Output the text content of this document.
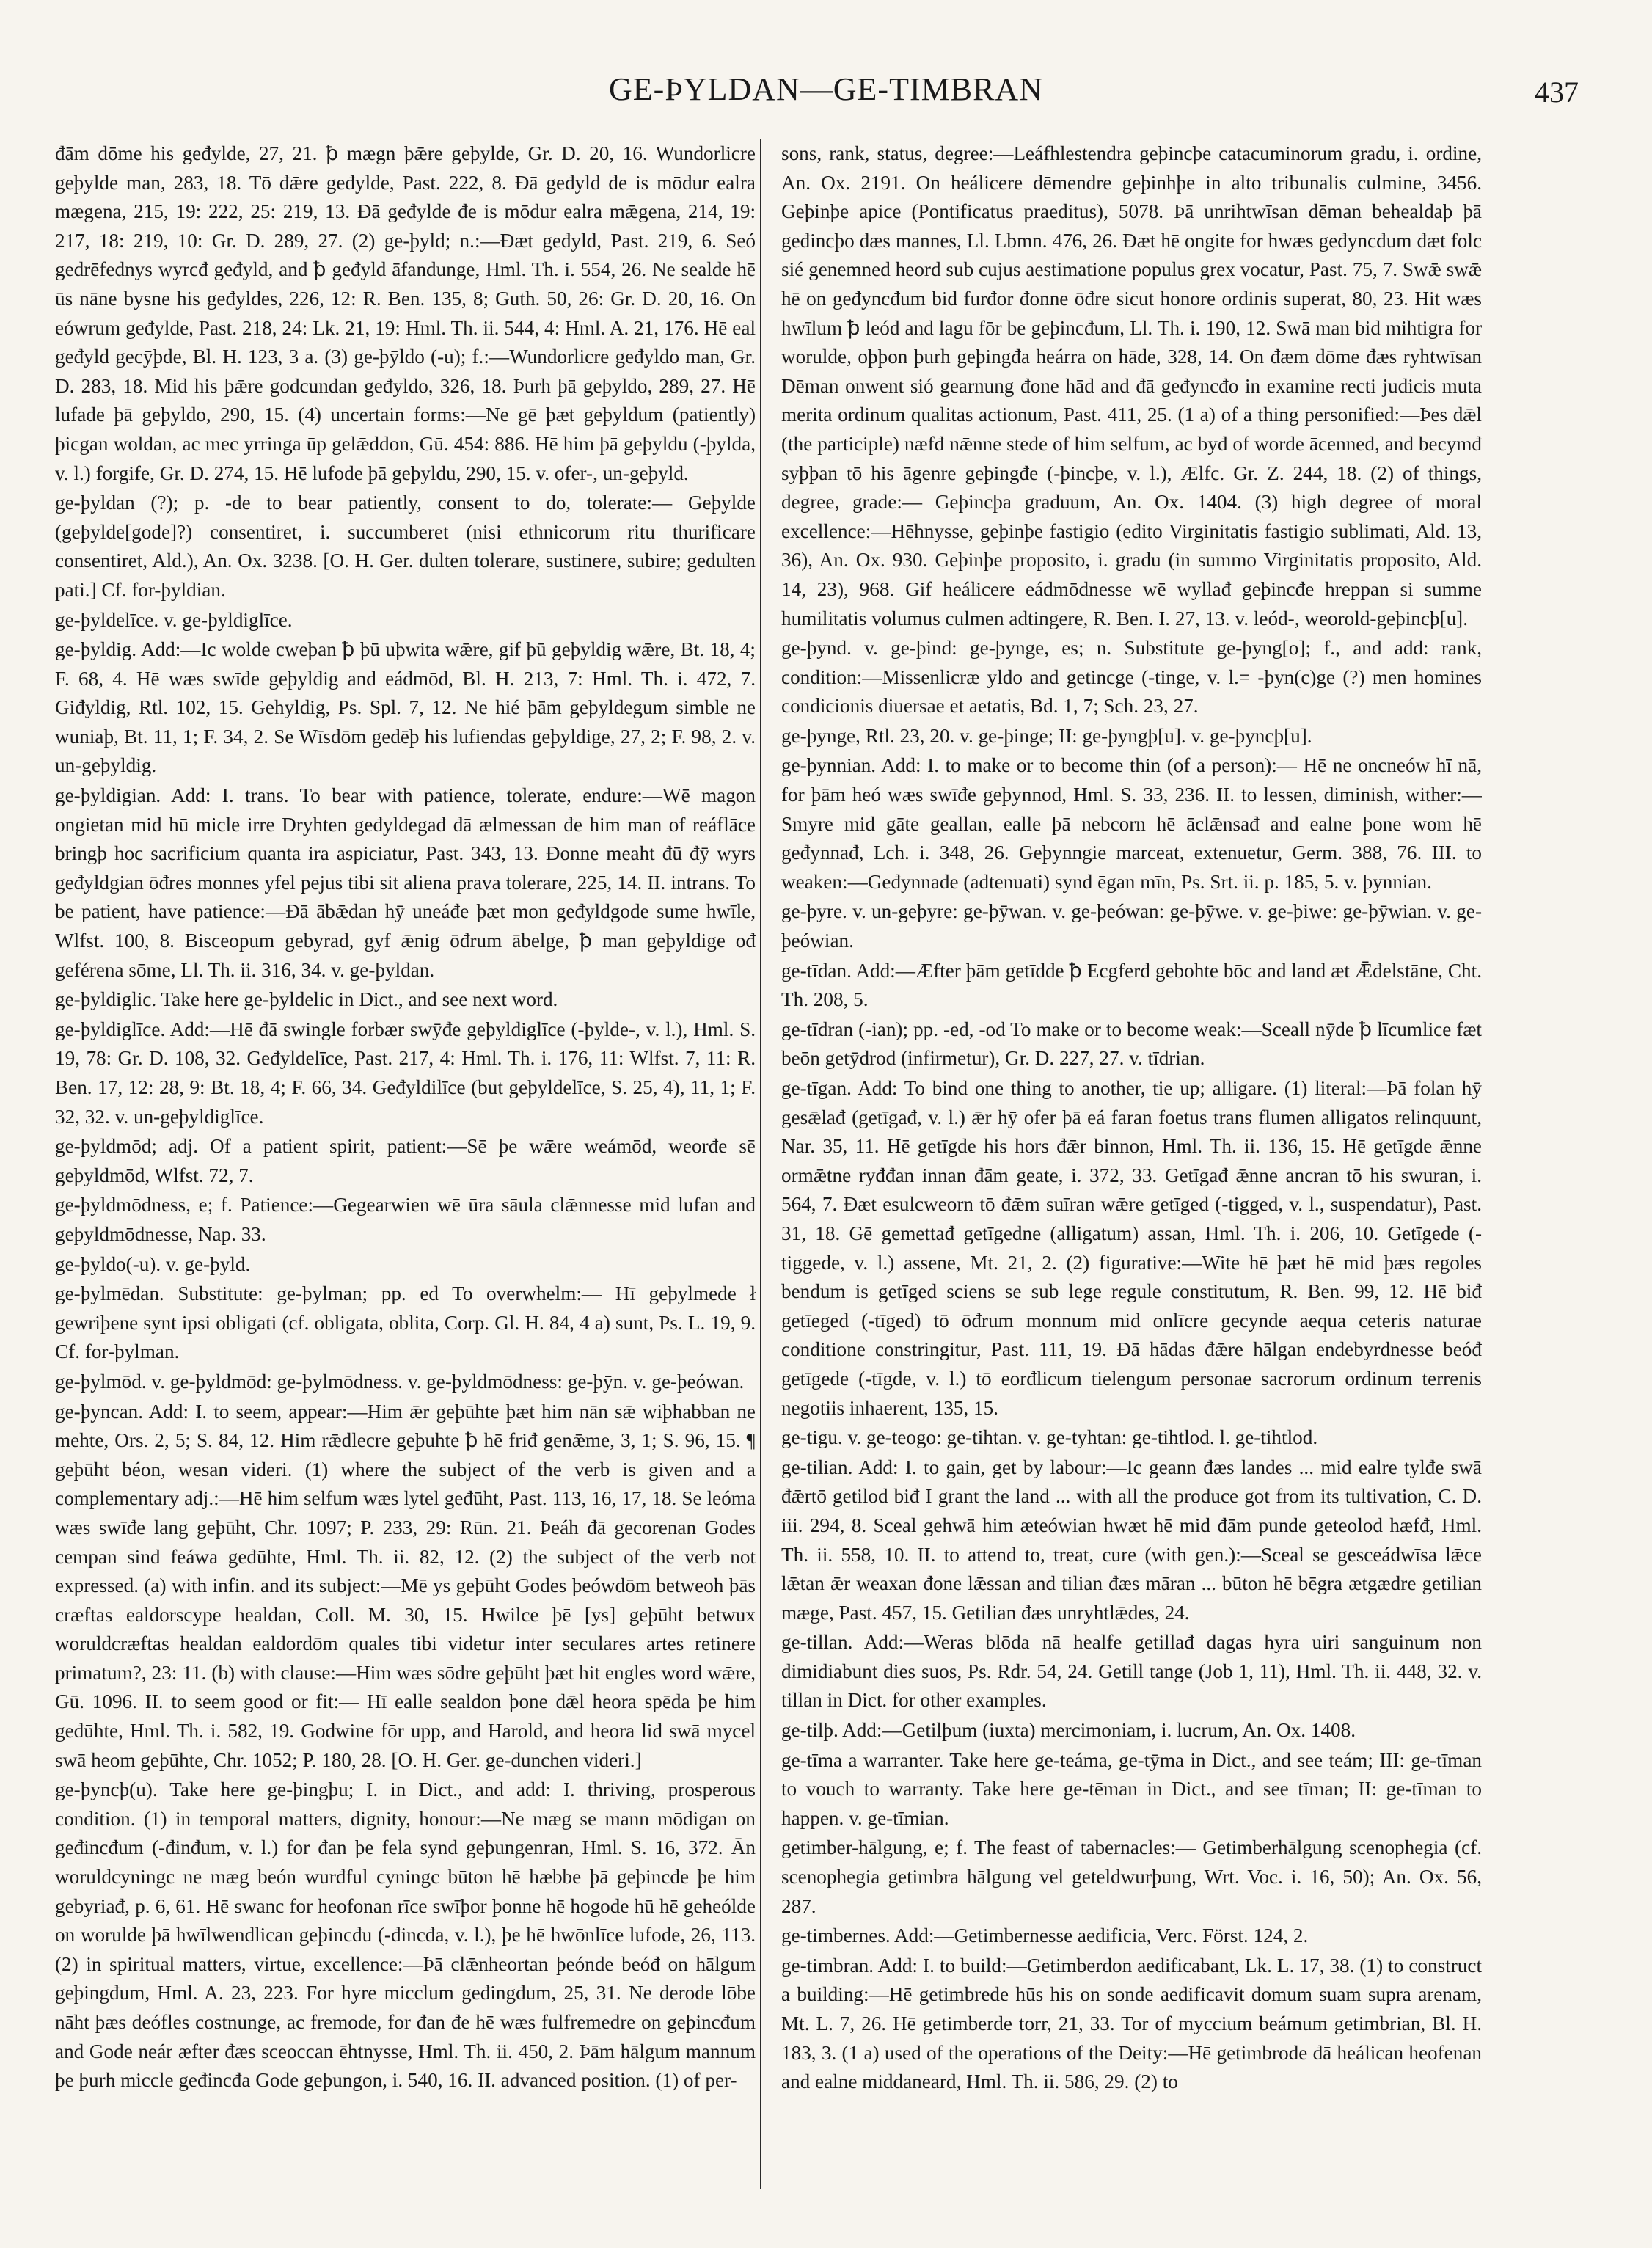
GE-ÞYLDAN—GE-TIMBRAN	437

đām dōme his geđylde, 27, 21. ꝥ mægn þǣre geþylde, Gr. D. 20, 16. Wundorlicre geþylde man, 283, 18. Tō đǣre geđylde, Past. 222, 8. Đā geđyld đe is mōdur ealra mægena, 215, 19: 222, 25: 219, 13. Đā geđylde đe is mōdur ealra mǣgena, 214, 19: 217, 18: 219, 10: Gr. D. 289, 27. (2) ge-þyld; n.:—Đæt geđyld, Past. 219, 6. Seó gedrēfednys wyrcđ geđyld, and ꝥ geđyld āfandunge, Hml. Th. i. 554, 26. Ne sealde hē ūs nāne bysne his geđyldes, 226, 12: R. Ben. 135, 8; Guth. 50, 26: Gr. D. 20, 16. On eówrum geđylde, Past. 218, 24: Lk. 21, 19: Hml. Th. ii. 544, 4: Hml. A. 21, 176. Hē eal geđyld gecȳþde, Bl. H. 123, 3 a. (3) ge-þȳldo (-u); f.:—Wundorlicre geđyldo man, Gr. D. 283, 18. Mid his þǣre godcundan geđyldo, 326, 18. Þurh þā geþyldo, 289, 27. Hē lufade þā geþyldo, 290, 15. (4) uncertain forms:—Ne gē þæt geþyldum (patiently) þicgan woldan, ac mec yrringa ūp gelǣddon, Gū. 454: 886. Hē him þā geþyldu (-þylda, v. l.) forgife, Gr. D. 274, 15. Hē lufode þā geþyldu, 290, 15. v. ofer-, un-geþyld.

ge-þyldan (?); p. -de to bear patiently, consent to do, tolerate:— Geþylde (geþylde[gode]?) consentiret, i. succumberet (nisi ethnicorum ritu thurificare consentiret, Ald.), An. Ox. 3238. [O. H. Ger. dulten tolerare, sustinere, subire; gedulten pati.] Cf. for-þyldian.

ge-þyldelīce. v. ge-þyldiglīce.

ge-þyldig. Add:—Ic wolde cweþan ꝥ þū uþwita wǣre, gif þū geþyldig wǣre, Bt. 18, 4; F. 68, 4. Hē wæs swīđe geþyldig and eáđmōd, Bl. H. 213, 7: Hml. Th. i. 472, 7. Giđyldig, Rtl. 102, 15. Gehyldig, Ps. Spl. 7, 12. Ne hié þām geþyldegum simble ne wuniaþ, Bt. 11, 1; F. 34, 2. Se Wīsdōm gedēþ his lufiendas geþyldige, 27, 2; F. 98, 2. v. un-geþyldig.

ge-þyldigian. Add: I. trans. To bear with patience, tolerate, endure:—Wē magon ongietan mid hū micle irre Dryhten geđyldegađ đā ælmessan đe him man of reáflāce bringþ hoc sacrificium quanta ira aspiciatur, Past. 343, 13. Đonne meaht đū đȳ wyrs geđyldgian ōđres monnes yfel pejus tibi sit aliena prava tolerare, 225, 14. II. intrans. To be patient, have patience:—Đā ābǣdan hȳ uneáđe þæt mon geđyldgode sume hwīle, Wlfst. 100, 8. Bisceopum gebyrad, gyf ǣnig ōđrum ābelge, ꝥ man geþyldige ođ geférena sōme, Ll. Th. ii. 316, 34. v. ge-þyldan.

ge-þyldiglic. Take here ge-þyldelic in Dict., and see next word.

ge-þyldiglīce. Add:—Hē đā swingle forbær swȳđe geþyldiglīce (-þylde-, v. l.), Hml. S. 19, 78: Gr. D. 108, 32. Geđyldelīce, Past. 217, 4: Hml. Th. i. 176, 11: Wlfst. 7, 11: R. Ben. 17, 12: 28, 9: Bt. 18, 4; F. 66, 34. Geđyldilīce (but geþyldelīce, S. 25, 4), 11, 1; F. 32, 32. v. un-geþyldiglīce.

ge-þyldmōd; adj. Of a patient spirit, patient:—Sē þe wǣre weámōd, weorđe sē geþyldmōd, Wlfst. 72, 7.

ge-þyldmōdness, e; f. Patience:—Gegearwien wē ūra sāula clǣnnesse mid lufan and geþyldmōdnesse, Nap. 33.

ge-þyldo(-u). v. ge-þyld.

ge-þylmēdan. Substitute: ge-þylman; pp. ed To overwhelm:— Hī geþylmede ł gewriþene synt ipsi obligati (cf. obligata, oblita, Corp. Gl. H. 84, 4 a) sunt, Ps. L. 19, 9. Cf. for-þylman.

ge-þylmōd. v. ge-þyldmōd: ge-þylmōdness. v. ge-þyldmōdness: ge-þȳn. v. ge-þeówan.

ge-þyncan. Add: I. to seem, appear:—Him ǣr geþūhte þæt him nān sǣ wiþhabban ne mehte, Ors. 2, 5; S. 84, 12. Him rǣdlecre geþuhte ꝥ hē friđ genǣme, 3, 1; S. 96, 15. ¶ geþūht béon, wesan videri. (1) where the subject of the verb is given and a complementary adj.:—Hē him selfum wæs lytel geđūht, Past. 113, 16, 17, 18. Se leóma wæs swīđe lang geþūht, Chr. 1097; P. 233, 29: Rūn. 21. Þeáh đā gecorenan Godes cempan sind feáwa geđūhte, Hml. Th. ii. 82, 12. (2) the subject of the verb not expressed. (a) with infin. and its subject:—Mē ys geþūht Godes þeówdōm betweoh þās cræftas ealdorscype healdan, Coll. M. 30, 15. Hwilce þē [ys] geþūht betwux woruldcræftas healdan ealdordōm quales tibi videtur inter seculares artes retinere primatum?, 23: 11. (b) with clause:—Him wæs sōdre geþūht þæt hit engles word wǣre, Gū. 1096. II. to seem good or fit:— Hī ealle sealdon þone dǣl heora spēda þe him geđūhte, Hml. Th. i. 582, 19. Godwine fōr upp, and Harold, and heora liđ swā mycel swā heom geþūhte, Chr. 1052; P. 180, 28. [O. H. Ger. ge-dunchen videri.]

ge-þyncþ(u). Take here ge-þingþu; I. in Dict., and add: I. thriving, prosperous condition. (1) in temporal matters, dignity, honour:—Ne mæg se mann mōdigan on geđincđum (-đinđum, v. l.) for đan þe fela synd geþungenran, Hml. S. 16, 372. Ān woruldcyningc ne mæg beón wurđful cyningc būton hē hæbbe þā geþincđe þe him gebyriađ, p. 6, 61. Hē swanc for heofonan rīce swīþor þonne hē hogode hū hē geheólde on worulde þā hwīlwendlican geþincđu (-đincđa, v. l.), þe hē hwōnlīce lufode, 26, 113. (2) in spiritual matters, virtue, excellence:—Þā clǣnheortan þeónde beóđ on hālgum geþingđum, Hml. A. 23, 223. For hyre micclum geđingđum, 25, 31. Ne derode lōbe nāht þæs deófles costnunge, ac fremode, for đan đe hē wæs fulfremedre on geþincđum and Gode neár æfter đæs sceoccan ēhtnysse, Hml. Th. ii. 450, 2. Þām hālgum mannum þe þurh miccle geđincđa Gode geþungon, i. 540, 16. II. advanced position. (1) of per-

sons, rank, status, degree:—Leáfhlestendra geþincþe catacuminorum gradu, i. ordine, An. Ox. 2191. On heálicere dēmendre geþinhþe in alto tribunalis culmine, 3456. Geþinþe apice (Pontificatus praeditus), 5078. Þā unrihtwīsan dēman behealdaþ þā geđincþo đæs mannes, Ll. Lbmn. 476, 26. Đæt hē ongite for hwæs geđyncđum đæt folc sié genemned heord sub cujus aestimatione populus grex vocatur, Past. 75, 7. Swǣ swǣ hē on geđyncđum bid furđor đonne ōđre sicut honore ordinis superat, 80, 23. Hit wæs hwīlum ꝥ leód and lagu fōr be geþincđum, Ll. Th. i. 190, 12. Swā man bid mihtigra for woruldе, oþþon þurh geþingđa heárra on hāde, 328, 14. On đæm dōme đæs ryhtwīsan Dēman onwent sió gearnung đone hād and đā geđyncđo in examine recti judicis muta merita ordinum qualitas actionum, Past. 411, 25. (1 a) of a thing personified:—Þes dǣl (the participle) næfđ nǣnne stede of him selfum, ac byđ of worde ācenned, and becymđ syþþan tō his āgenre geþingđe (-þincþe, v. l.), Ælfc. Gr. Z. 244, 18. (2) of things, degree, grade:— Geþincþa graduum, An. Ox. 1404. (3) high degree of moral excellence:—Hēhnysse, geþinþe fastigio (edito Virginitatis fastigio sublimati, Ald. 13, 36), An. Ox. 930. Geþinþe proposito, i. gradu (in summo Virginitatis proposito, Ald. 14, 23), 968. Gif heálicere eádmōdnesse wē wyllađ geþincđe hreppan si summe humilitatis volumus culmen adtingere, R. Ben. I. 27, 13. v. leód-, weorold-geþincþ[u].

ge-þynd. v. ge-þind: ge-þynge, es; n. Substitute ge-þyng[o]; f., and add: rank, condition:—Missenlicræ yldo and getincge (-tinge, v. l.= -þyn(c)ge (?) men homines condicionis diuersae et aetatis, Bd. 1, 7; Sch. 23, 27.

ge-þynge, Rtl. 23, 20. v. ge-þinge; II: ge-þyngþ[u]. v. ge-þyncþ[u].

ge-þynnian. Add: I. to make or to become thin (of a person):— Hē ne oncneów hī nā, for þām heó wæs swīđe geþynnod, Hml. S. 33, 236. II. to lessen, diminish, wither:—Smyre mid gāte geallan, ealle þā nebcorn hē āclǣnsađ and ealne þone wom hē geđynnađ, Lch. i. 348, 26. Geþynngie marceat, extenuetur, Germ. 388, 76. III. to weaken:—Geđynnade (adtenuati) synd ēgan mīn, Ps. Srt. ii. p. 185, 5. v. þynnian.

ge-þyre. v. un-geþyre: ge-þȳwan. v. ge-þeówan: ge-þȳwe. v. ge-þiwe: ge-þȳwian. v. ge-þeówian.

ge-tīdan. Add:—Æfter þām getīdde ꝥ Ecgferđ gebohte bōc and land æt Ǣđelstāne, Cht. Th. 208, 5.

ge-tīdran (-ian); pp. -ed, -od To make or to become weak:—Sceall nȳde ꝥ līcumlice fæt beōn getȳdrod (infirmetur), Gr. D. 227, 27. v. tīdrian.

ge-tīgan. Add: To bind one thing to another, tie up; alligare. (1) literal:—Þā folan hȳ gesǣlađ (getīgađ, v. l.) ǣr hȳ ofer þā eá faran foetus trans flumen alligatos relinquunt, Nar. 35, 11. Hē getīgde his hors đǣr binnon, Hml. Th. ii. 136, 15. Hē getīgde ǣnne ormǣtne ryđđan innan đām geate, i. 372, 33. Getīgađ ǣnne ancran tō his swuran, i. 564, 7. Đæt esulcweorn tō đǣm suīran wǣre getīged (-tigged, v. l., suspendatur), Past. 31, 18. Gē gemettađ getīgedne (alligatum) assan, Hml. Th. i. 206, 10. Getīgede (-tiggede, v. l.) assene, Mt. 21, 2. (2) figurative:—Wite hē þæt hē mid þæs regoles bendum is getīged sciens se sub lege regule constitutum, R. Ben. 99, 12. Hē biđ getīeged (-tīged) tō ōđrum monnum mid onlīcre gecynde aequa ceteris naturae conditione constringitur, Past. 111, 19. Đā hādas đǣre hālgan endebyrdnesse beóđ getīgede (-tīgde, v. l.) tō eorđlicum tielengum personae sacrorum ordinum terrenis negotiis inhaerent, 135, 15.

ge-tigu. v. ge-teogo: ge-tihtan. v. ge-tyhtan: ge-tihtlod. l. ge-tihtlod.

ge-tilian. Add: I. to gain, get by labour:—Ic geann đæs landes ... mid ealre tylđe swā đǣrtō getilod biđ I grant the land ... with all the produce got from its tultivation, C. D. iii. 294, 8. Sceal gehwā him æteówian hwæt hē mid đām punde geteolod hæfđ, Hml. Th. ii. 558, 10. II. to attend to, treat, cure (with gen.):—Sceal se gesceádwīsa lǣce lǣtan ǣr weaxan đone lǣssan and tilian đæs māran ... būton hē bēgra ætgædre getilian mæge, Past. 457, 15. Getilian đæs unryhtlǣdes, 24.

ge-tillan. Add:—Weras blōda nā healfe getillađ dagas hyra uiri sanguinum non dimidiabunt dies suos, Ps. Rdr. 54, 24. Getill tange (Job 1, 11), Hml. Th. ii. 448, 32. v. tillan in Dict. for other examples.

ge-tilþ. Add:—Getilþum (iuxta) mercimoniam, i. lucrum, An. Ox. 1408.

ge-tīma a warranter. Take here ge-teáma, ge-tȳma in Dict., and see teám; III: ge-tīman to vouch to warranty. Take here ge-tēman in Dict., and see tīman; II: ge-tīman to happen. v. ge-tīmian.

getimber-hālgung, e; f. The feast of tabernacles:— Getimberhālgung scenophegia (cf. scenophegia getimbra hālgung vel geteldwurþung, Wrt. Voc. i. 16, 50); An. Ox. 56, 287.

ge-timbernes. Add:—Getimbernesse aedificia, Verc. Först. 124, 2.

ge-timbran. Add: I. to build:—Getimberdon aedificabant, Lk. L. 17, 38. (1) to construct a building:—Hē getimbrede hūs his on sonde aedificavit domum suam supra arenam, Mt. L. 7, 26. Hē getimberde torr, 21, 33. Tor of myccium beámum getimbrian, Bl. H. 183, 3. (1 a) used of the operations of the Deity:—Hē getimbrode đā heálican heofenan and ealne middaneard, Hml. Th. ii. 586, 29. (2) to
